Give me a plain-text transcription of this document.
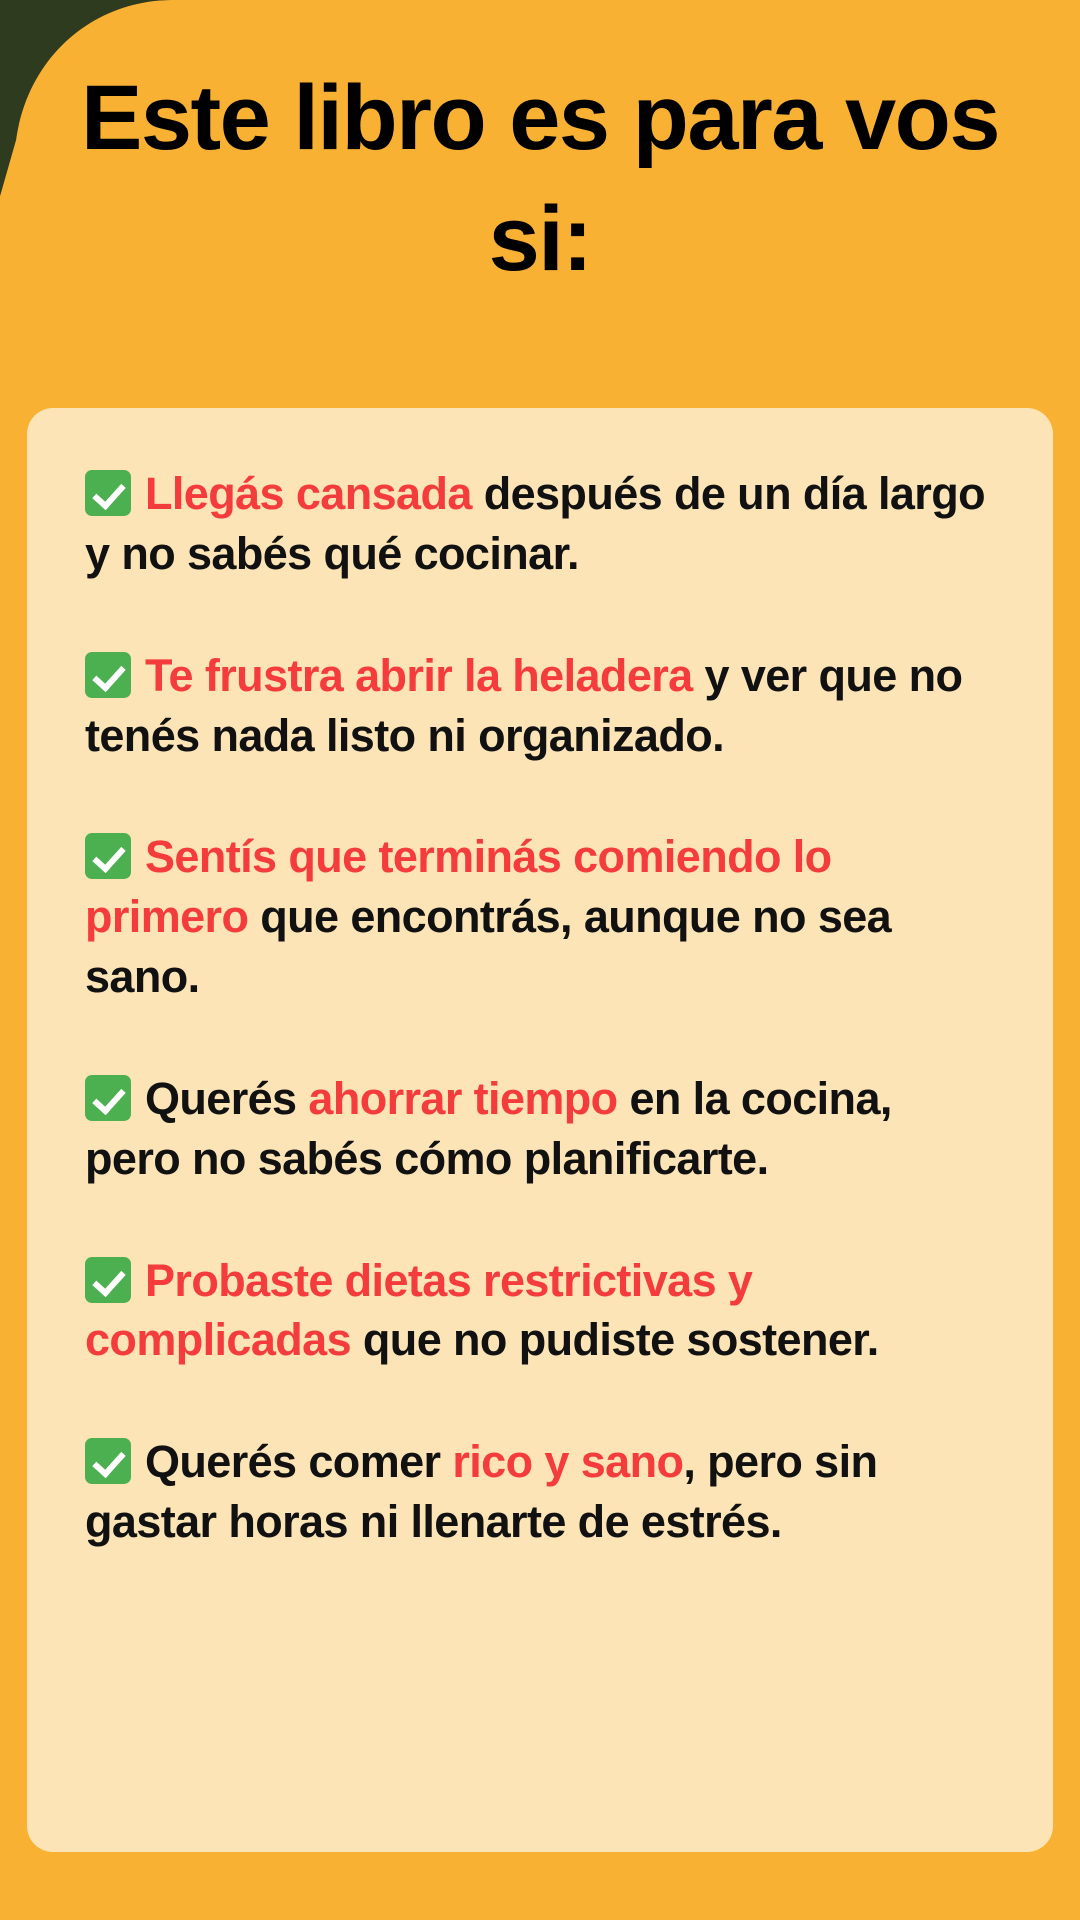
Este libro es para vos si:
Llegás cansada después de un día largo y no sabés qué cocinar.
Te frustra abrir la heladera y ver que no tenés nada listo ni organizado.
Sentís que terminás comiendo lo primero que encontrás, aunque no sea sano.
Querés ahorrar tiempo en la cocina, pero no sabés cómo planificarte.
Probaste dietas restrictivas y complicadas que no pudiste sostener.
Querés comer rico y sano, pero sin gastar horas ni llenarte de estrés.
